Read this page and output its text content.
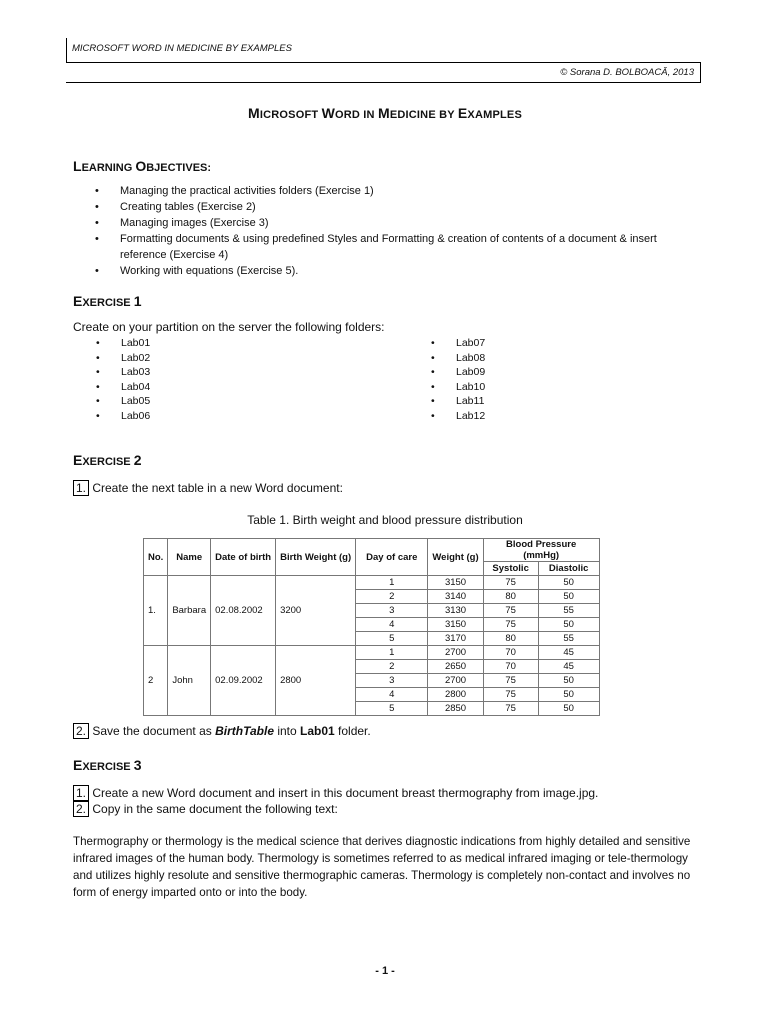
MICROSOFT WORD IN MEDICINE BY EXAMPLES
© Sorana D. BOLBOACĂ, 2013
MICROSOFT WORD IN MEDICINE BY EXAMPLES
LEARNING OBJECTIVES:
• Managing the practical activities folders (Exercise 1)
• Creating tables (Exercise 2)
• Managing images (Exercise 3)
• Formatting documents & using predefined Styles and Formatting & creation of contents of a document & insert reference (Exercise 4)
• Working with equations (Exercise 5).
EXERCISE 1
Create on your partition on the server the following folders:
• Lab01
• Lab02
• Lab03
• Lab04
• Lab05
• Lab06
• Lab07
• Lab08
• Lab09
• Lab10
• Lab11
• Lab12
EXERCISE 2
1. Create the next table in a new Word document:
Table 1. Birth weight and blood pressure distribution
No.	Name	Date of birth	Birth Weight (g)	Day of care	Weight (g)	Blood Pressure (mmHg)	
						Systolic	Diastolic
1.	Barbara	02.08.2002	3200	1	3150	75	50
				2	3140	80	50
				3	3130	75	55
				4	3150	75	50
				5	3170	80	55
2	John	02.09.2002	2800	1	2700	70	45
				2	2650	70	45
				3	2700	75	50
				4	2800	75	50
				5	2850	75	50
2. Save the document as BirthTable into Lab01 folder.
EXERCISE 3
1. Create a new Word document and insert in this document breast thermography from image.jpg.
2. Copy in the same document the following text:
Thermography or thermology is the medical science that derives diagnostic indications from highly detailed and sensitive infrared images of the human body. Thermology is sometimes referred to as medical infrared imaging or tele-thermology and utilizes highly resolute and sensitive thermographic cameras. Thermology is completely non-contact and involves no form of energy imparted onto or into the body.
- 1 -
